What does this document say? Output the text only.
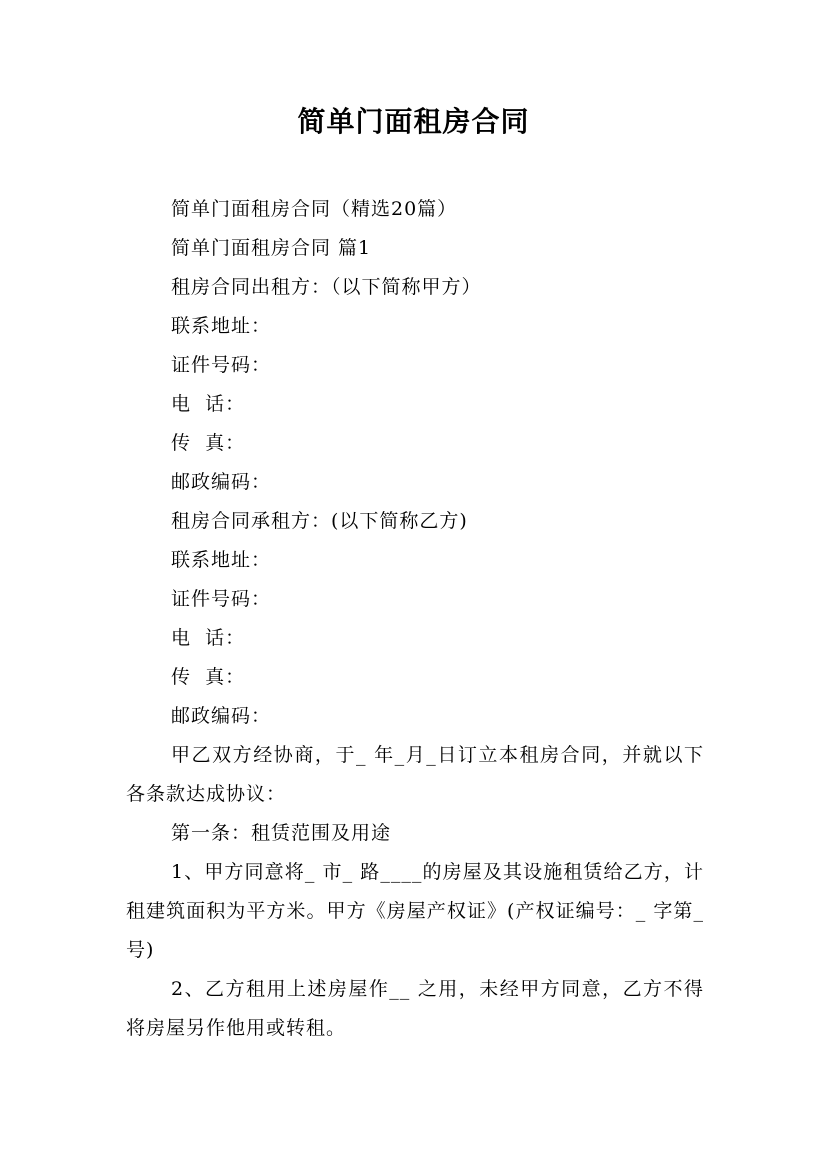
简单门面租房合同
简单门面租房合同（精选20篇）
简单门面租房合同 篇1
租房合同出租方：（以下简称甲方）
联系地址：
证件号码：
电  话：
传  真：
邮政编码：
租房合同承租方：(以下简称乙方)
联系地址：
证件号码：
电  话：
传  真：
邮政编码：
甲乙双方经协商，于_ 年_月_日订立本租房合同，并就以下各条款达成协议：
第一条：租赁范围及用途
1、甲方同意将_ 市_ 路____的房屋及其设施租赁给乙方，计租建筑面积为平方米。甲方《房屋产权证》(产权证编号：_ 字第_ 号)
2、乙方租用上述房屋作__ 之用，未经甲方同意，乙方不得将房屋另作他用或转租。
